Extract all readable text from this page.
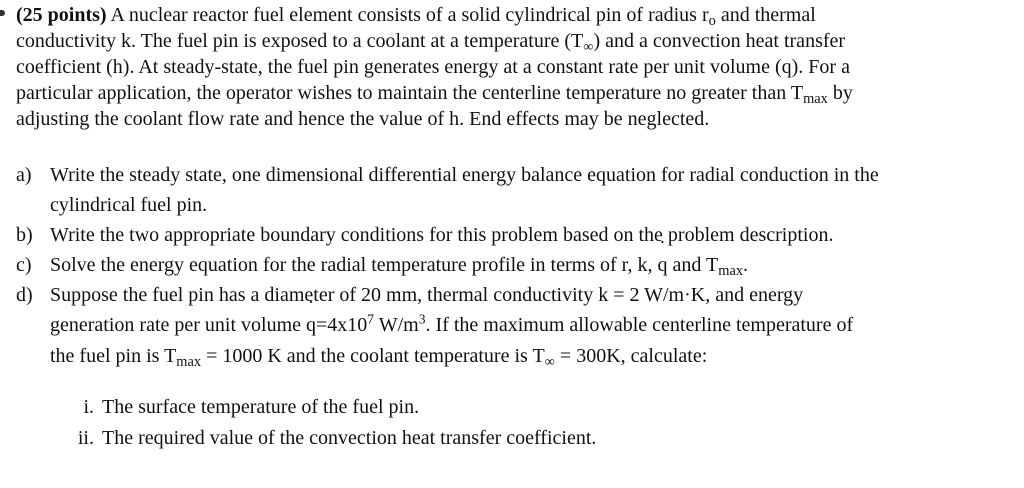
(25 points) A nuclear reactor fuel element consists of a solid cylindrical pin of radius $r_o$ and thermal
conductivity k. The fuel pin is exposed to a coolant at a temperature $(T_\infty)$ and a convection heat transfer
coefficient (h). At steady-state, the fuel pin generates energy at a constant rate per unit volume (˙ q). For a
particular application, the operator wishes to maintain the centerline temperature no greater than $T_{max}$ by
adjusting the coolant flow rate and hence the value of h. End effects may be neglected.
a) Write the steady state, one dimensional differential energy balance equation for radial conduction in the
cylindrical fuel pin.
b) Write the two appropriate boundary conditions for this problem based on the problem description.
c) Solve the energy equation for the radial temperature profile in terms of r, k, ˙ q and $T_{max}$.
d) Suppose the fuel pin has a diameter of 20 mm, thermal conductivity k = 2 W/m·K, and energy
generation rate per unit volume ˙ $q=4x10^7$ $W/m^3$. If the maximum allowable centerline temperature of
the fuel pin is $T_{max} = 1000$ K and the coolant temperature is $T_\infty = 300K$, calculate:
i. The surface temperature of the fuel pin.
ii. The required value of the convection heat transfer coefficient.
